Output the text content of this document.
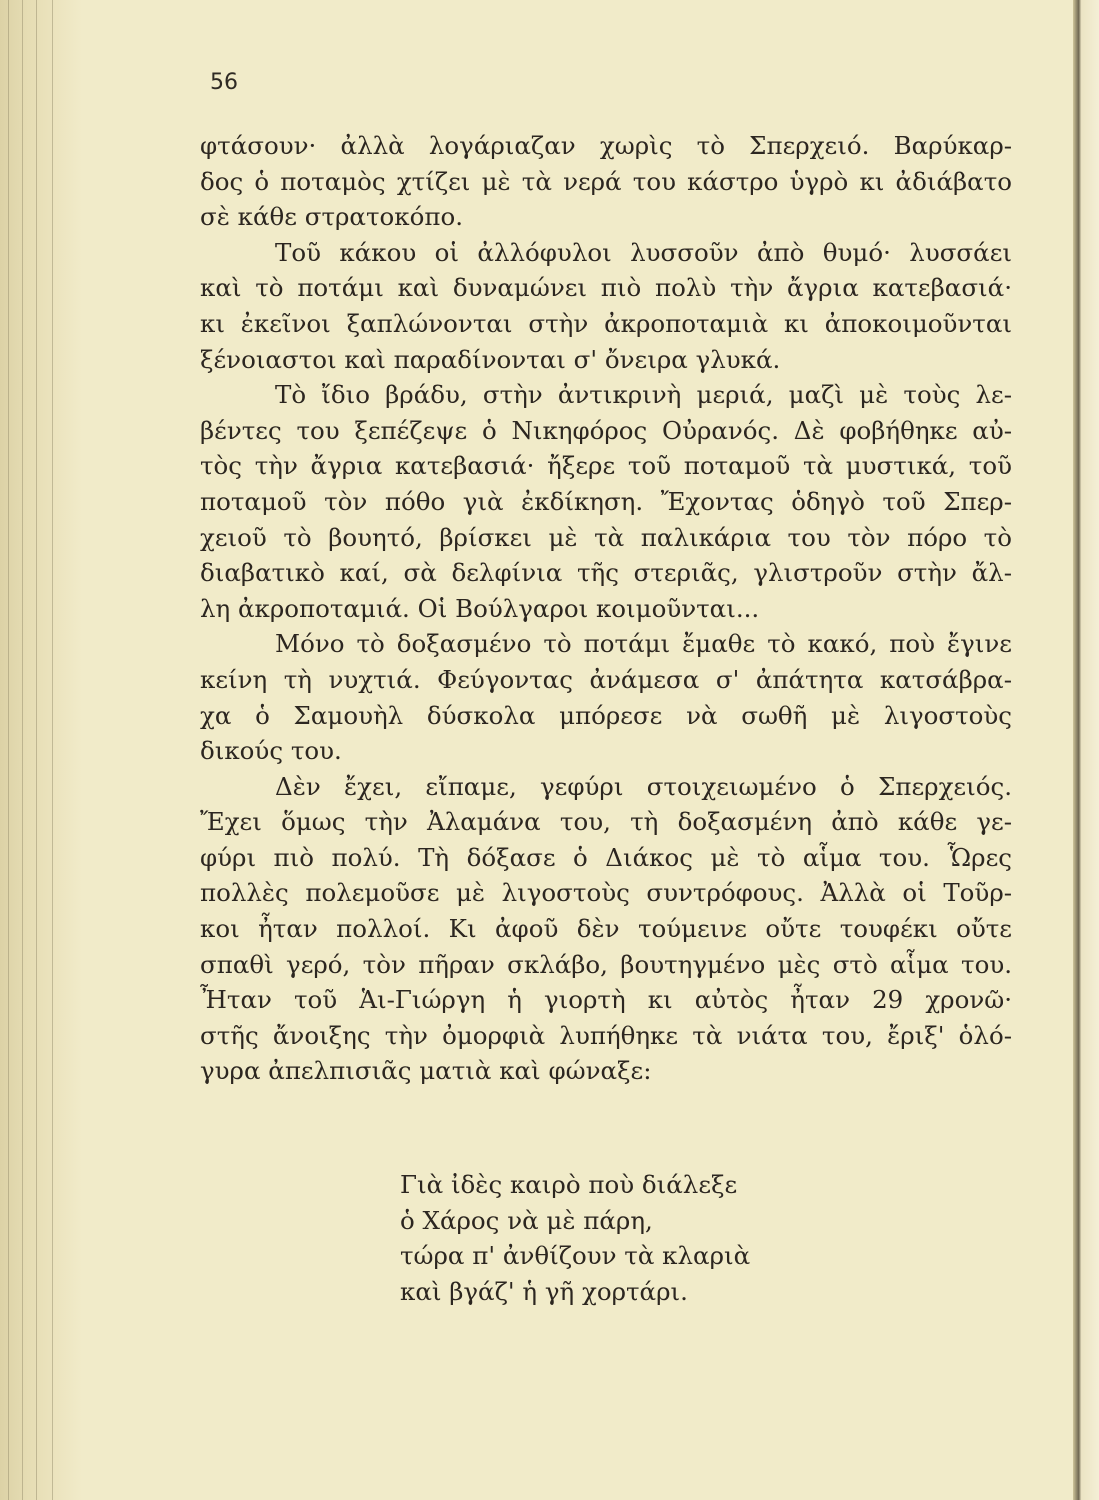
56
φτάσουν· ἀλλὰ λογάριαζαν χωρὶς τὸ Σπερχειό. Βαρύκαρ-
δος ὁ ποταμὸς χτίζει μὲ τὰ νερά του κάστρο ὑγρὸ κι ἀδιάβατο
σὲ κάθε στρατοκόπο.
Τοῦ κάκου οἱ ἀλλόφυλοι λυσσοῦν ἀπὸ θυμό· λυσσάει
καὶ τὸ ποτάμι καὶ δυναμώνει πιὸ πολὺ τὴν ἄγρια κατεβασιά·
κι ἐκεῖνοι ξαπλώνονται στὴν ἀκροποταμιὰ κι ἀποκοιμοῦνται
ξένοιαστοι καὶ παραδίνονται σ' ὄνειρα γλυκά.
Τὸ ἴδιο βράδυ, στὴν ἀντικρινὴ μεριά, μαζὶ μὲ τοὺς λε-
βέντες του ξεπέζεψε ὁ Νικηφόρος Οὐρανός. Δὲ φοβήθηκε αὐ-
τὸς τὴν ἄγρια κατεβασιά· ἤξερε τοῦ ποταμοῦ τὰ μυστικά, τοῦ
ποταμοῦ τὸν πόθο γιὰ ἐκδίκηση. Ἔχοντας ὁδηγὸ τοῦ Σπερ-
χειοῦ τὸ βουητό, βρίσκει μὲ τὰ παλικάρια του τὸν πόρο τὸ
διαβατικὸ καί, σὰ δελφίνια τῆς στεριᾶς, γλιστροῦν στὴν ἄλ-
λη ἀκροποταμιά. Οἱ Βούλγαροι κοιμοῦνται...
Μόνο τὸ δοξασμένο τὸ ποτάμι ἔμαθε τὸ κακό, ποὺ ἔγινε
κείνη τὴ νυχτιά. Φεύγοντας ἀνάμεσα σ' ἀπάτητα κατσάβρα-
χα ὁ Σαμουὴλ δύσκολα μπόρεσε νὰ σωθῆ μὲ λιγοστοὺς
δικούς του.
Δὲν ἔχει, εἴπαμε, γεφύρι στοιχειωμένο ὁ Σπερχειός.
Ἔχει ὅμως τὴν Ἀλαμάνα του, τὴ δοξασμένη ἀπὸ κάθε γε-
φύρι πιὸ πολύ. Τὴ δόξασε ὁ Διάκος μὲ τὸ αἷμα του. Ὧρες
πολλὲς πολεμοῦσε μὲ λιγοστοὺς συντρόφους. Ἀλλὰ οἱ Τοῦρ-
κοι ἦταν πολλοί. Κι ἀφοῦ δὲν τούμεινε οὔτε τουφέκι οὔτε
σπαθὶ γερό, τὸν πῆραν σκλάβο, βουτηγμένο μὲς στὸ αἷμα του.
Ἦταν τοῦ Ἁι-Γιώργη ἡ γιορτὴ κι αὐτὸς ἦταν 29 χρονῶ·
στῆς ἄνοιξης τὴν ὀμορφιὰ λυπήθηκε τὰ νιάτα του, ἔριξ' ὁλό-
γυρα ἀπελπισιᾶς ματιὰ καὶ φώναξε:
Γιὰ ἰδὲς καιρὸ ποὺ διάλεξε
ὁ Χάρος νὰ μὲ πάρη,
τώρα π' ἀνθίζουν τὰ κλαριὰ
καὶ βγάζ' ἡ γῆ χορτάρι.
